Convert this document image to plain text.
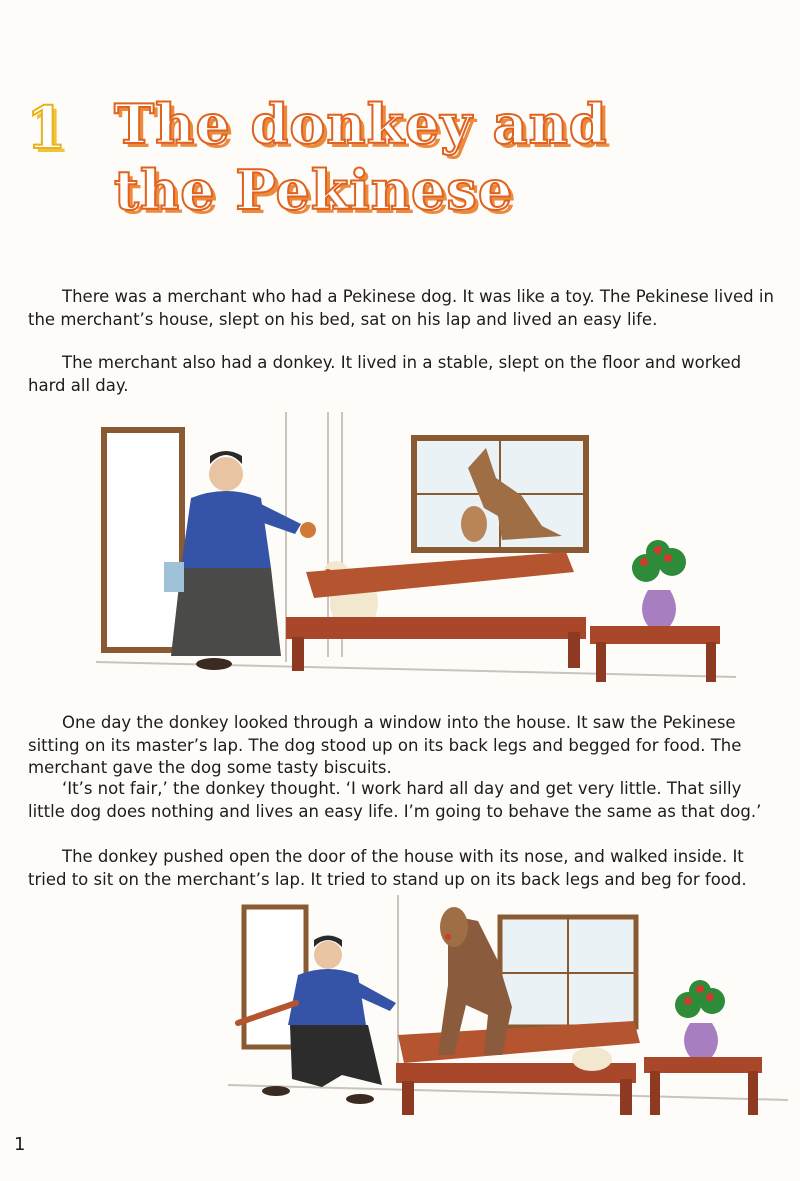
1 The donkey and
the Pekinese

There was a merchant who had a Pekinese dog. It was like a toy. The Pekinese lived in the merchant’s house, slept on his bed, sat on his lap and lived an easy life.

The merchant also had a donkey. It lived in a stable, slept on the floor and worked hard all day.

One day the donkey looked through a window into the house. It saw the Pekinese sitting on its master’s lap. The dog stood up on its back legs and begged for food. The merchant gave the dog some tasty biscuits.

‘It’s not fair,’ the donkey thought. ‘I work hard all day and get very little. That silly little dog does nothing and lives an easy life. I’m going to behave the same as that dog.’

The donkey pushed open the door of the house with its nose, and walked inside. It tried to sit on the merchant’s lap. It tried to stand up on its back legs and beg for food.

1
